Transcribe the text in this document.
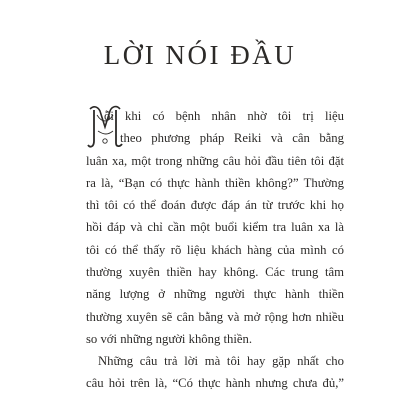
LỜI NÓI ĐẦU
M
ỗi khi có bệnh nhân nhờ tôi trị liệu
theo phương pháp Reiki và cân bằng
luân xa, một trong những câu hỏi đầu tiên tôi đặt
ra là, “Bạn có thực hành thiền không?” Thường
thì tôi có thể đoán được đáp án từ trước khi họ
hồi đáp và chỉ cần một buổi kiểm tra luân xa là
tôi có thể thấy rõ liệu khách hàng của mình có
thường xuyên thiền hay không. Các trung tâm
năng lượng ở những người thực hành thiền
thường xuyên sẽ cân bằng và mở rộng hơn nhiều
so với những người không thiền.
Những câu trả lời mà tôi hay gặp nhất cho
câu hỏi trên là, “Có thực hành nhưng chưa đủ,”
